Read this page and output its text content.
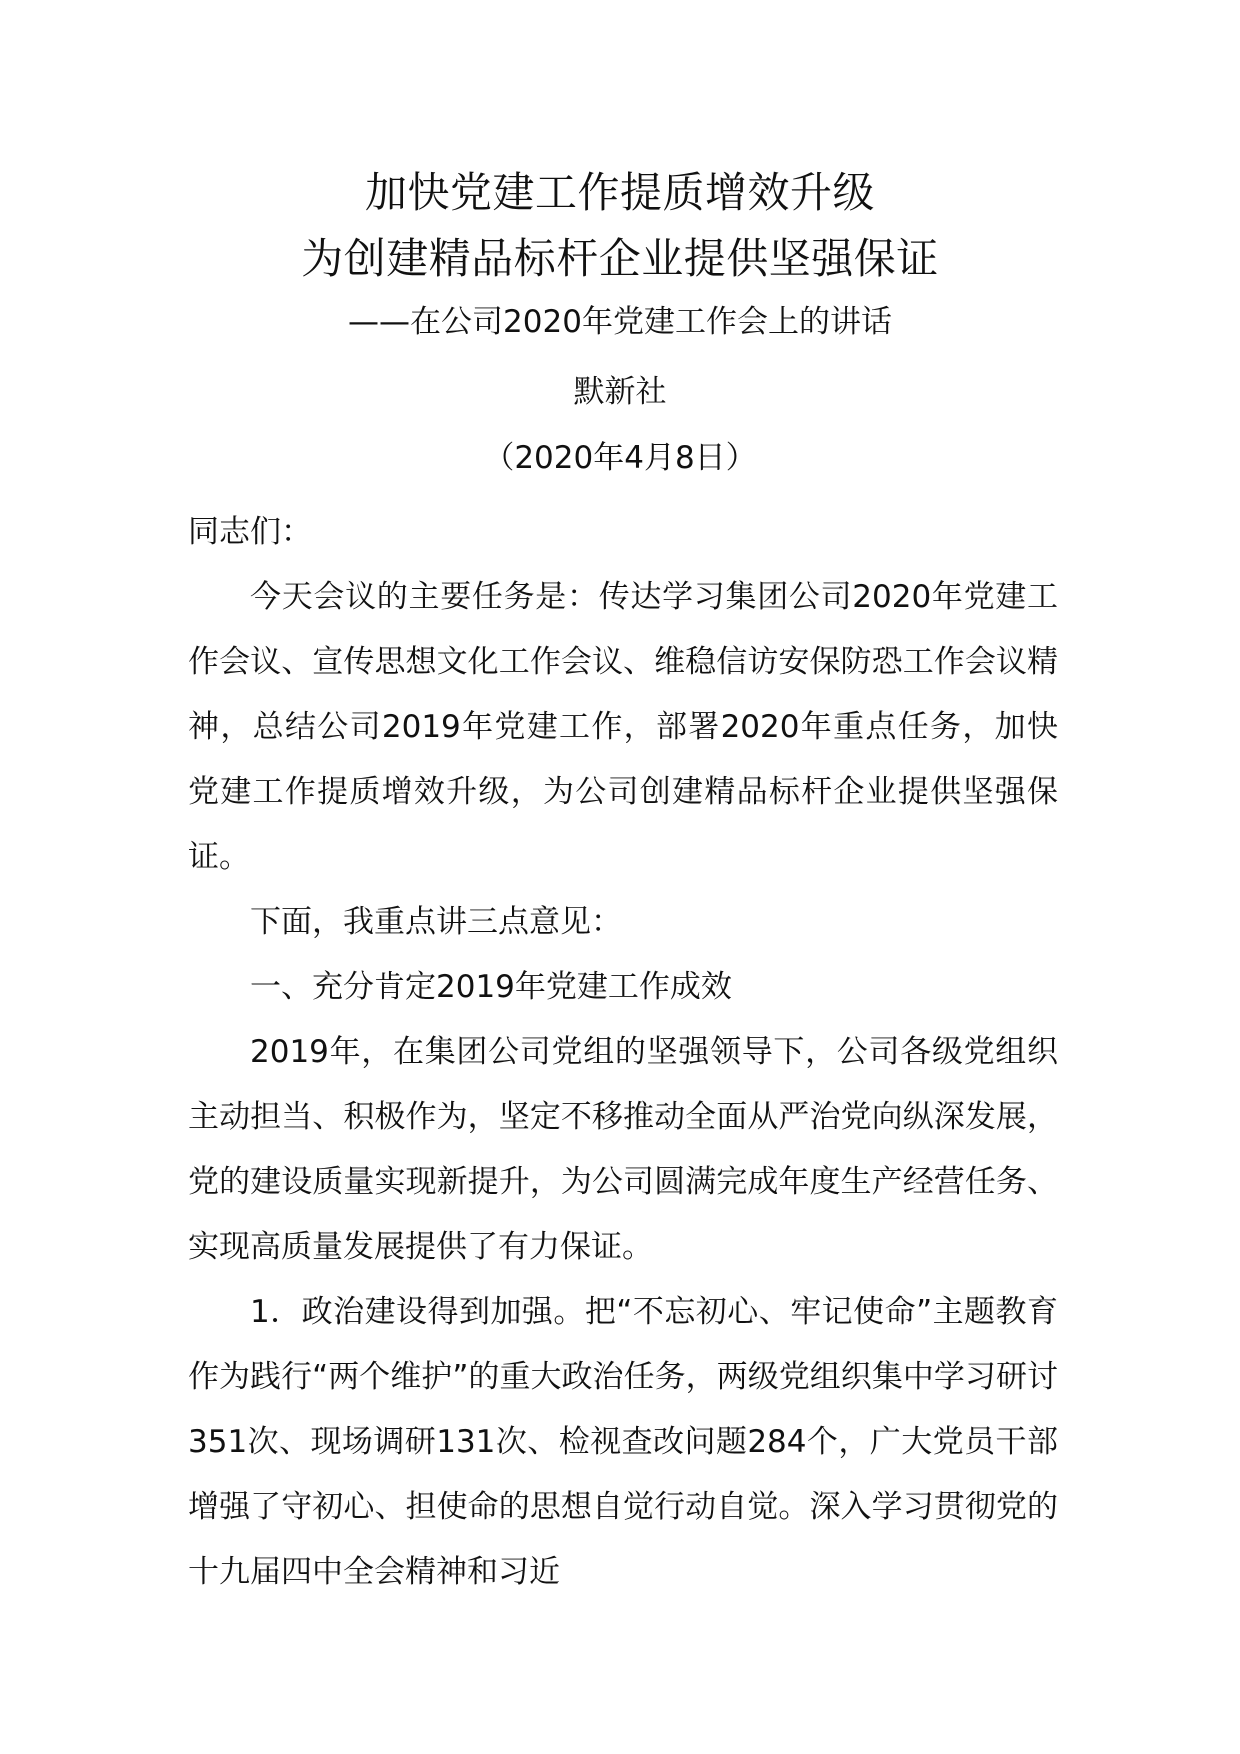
加快党建工作提质增效升级
为创建精品标杆企业提供坚强保证
——在公司2020年党建工作会上的讲话
默新社
（2020年4月8日）

同志们：

今天会议的主要任务是：传达学习集团公司2020年党建工作会议、宣传思想文化工作会议、维稳信访安保防恐工作会议精神，总结公司2019年党建工作，部署2020年重点任务，加快党建工作提质增效升级，为公司创建精品标杆企业提供坚强保证。

下面，我重点讲三点意见：

一、充分肯定2019年党建工作成效

2019年，在集团公司党组的坚强领导下，公司各级党组织主动担当、积极作为，坚定不移推动全面从严治党向纵深发展，党的建设质量实现新提升，为公司圆满完成年度生产经营任务、实现高质量发展提供了有力保证。

1．政治建设得到加强。把“不忘初心、牢记使命”主题教育作为践行“两个维护”的重大政治任务，两级党组织集中学习研讨351次、现场调研131次、检视查改问题284个，广大党员干部增强了守初心、担使命的思想自觉行动自觉。深入学习贯彻党的十九届四中全会精神和习近
